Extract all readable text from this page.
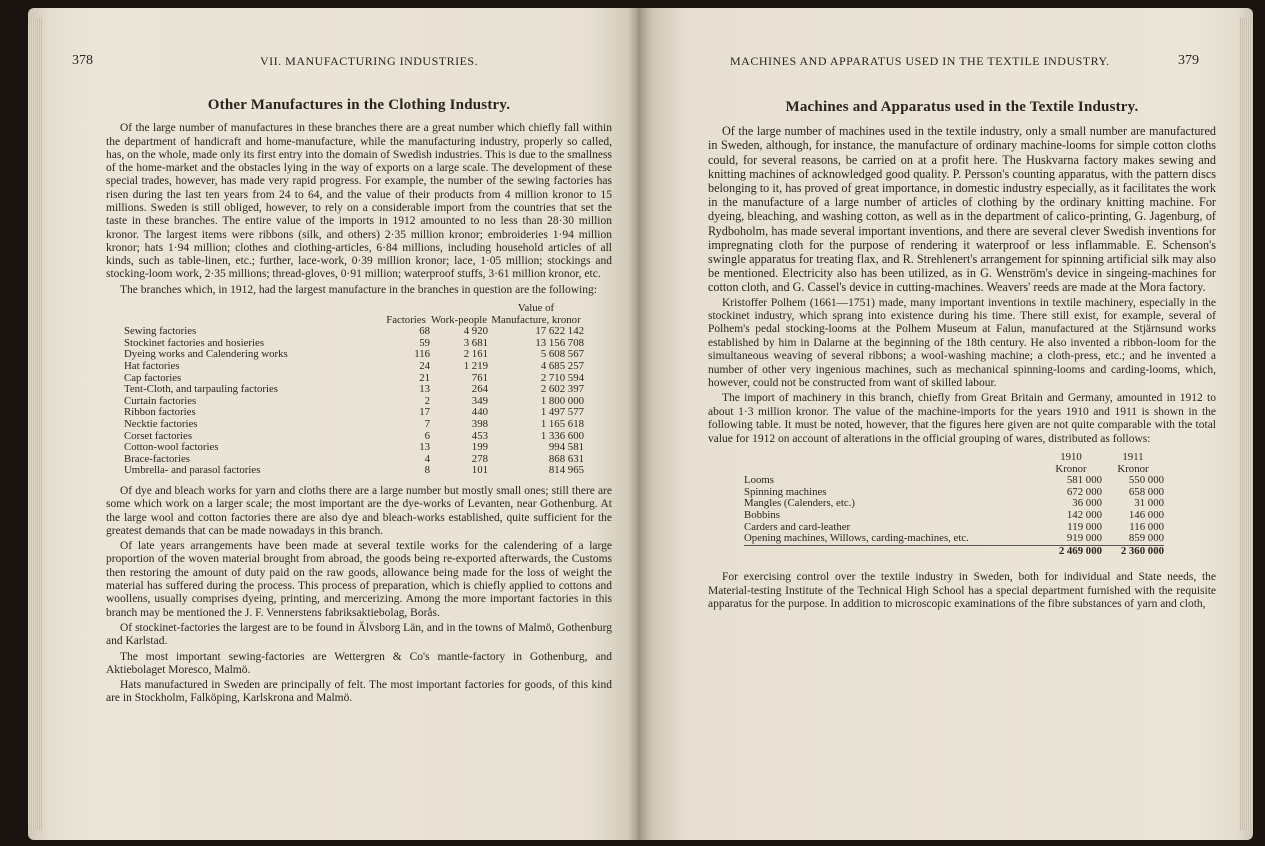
378	VII. MANUFACTURING INDUSTRIES.
Other Manufactures in the Clothing Industry.

Of the large number of manufactures in these branches there are a great number which chiefly fall within the department of handicraft and home-manufacture, while the manufacturing industry, properly so called, has, on the whole, made only its first entry into the domain of Swedish industries. This is due to the smallness of the home-market and the obstacles lying in the way of exports on a large scale. The development of these special trades, however, has made very rapid progress. For example, the number of the sewing factories has risen during the last ten years from 24 to 64, and the value of their products from 4 million kronor to 15 millions. Sweden is still obliged, however, to rely on a considerable import from the countries that set the taste in these branches. The entire value of the imports in 1912 amounted to no less than 28·30 million kronor. The largest items were ribbons (silk, and others) 2·35 million kronor; embroideries 1·94 million kronor; hats 1·94 million; clothes and clothing-articles, 6·84 millions, including household articles of all kinds, such as table-linen, etc.; further, lace-work, 0·39 million kronor; lace, 1·05 million; stockings and stocking-loom work, 2·35 millions; thread-gloves, 0·91 million; waterproof stuffs, 3·61 million kronor, etc.

The branches which, in 1912, had the largest manufacture in the branches in question are the following:

	Factories	Work-people	Value of Manufacture, kronor
Sewing factories	68	4 920	17 622 142
Stockinet factories and hosieries	59	3 681	13 156 708
Dyeing works and Calendering works	116	2 161	5 608 567
Hat factories	24	1 219	4 685 257
Cap factories	21	761	2 710 594
Tent-Cloth, and tarpauling factories	13	264	2 602 397
Curtain factories	2	349	1 800 000
Ribbon factories	17	440	1 497 577
Necktie factories	7	398	1 165 618
Corset factories	6	453	1 336 600
Cotton-wool factories	13	199	994 581
Brace-factories	4	278	868 631
Umbrella- and parasol factories	8	101	814 965

Of dye and bleach works for yarn and cloths there are a large number but mostly small ones; still there are some which work on a larger scale; the most important are the dye-works of Levanten, near Gothenburg. At the large wool and cotton factories there are also dye and bleach-works established, quite sufficient for the greatest demands that can be made nowadays in this branch.

Of late years arrangements have been made at several textile works for the calendering of a large proportion of the woven material brought from abroad, the goods being re-exported afterwards, the Customs then restoring the amount of duty paid on the raw goods, allowance being made for the loss of weight the material has suffered during the process. This process of preparation, which is chiefly applied to cottons and woollens, usually comprises dyeing, printing, and mercerizing. Among the more important factories in this branch may be mentioned the J. F. Vennerstens fabriksaktiebolag, Borås.

Of stockinet-factories the largest are to be found in Älvsborg Län, and in the towns of Malmö, Gothenburg and Karlstad.

The most important sewing-factories are Wettergren & Co's mantle-factory in Gothenburg, and Aktiebolaget Moresco, Malmö.

Hats manufactured in Sweden are principally of felt. The most important factories for goods, of this kind are in Stockholm, Falköping, Karlskrona and Malmö.

MACHINES AND APPARATUS USED IN THE TEXTILE INDUSTRY.	379
Machines and Apparatus used in the Textile Industry.

Of the large number of machines used in the textile industry, only a small number are manufactured in Sweden, although, for instance, the manufacture of ordinary machine-looms for simple cotton cloths could, for several reasons, be carried on at a profit here. The Huskvarna factory makes sewing and knitting machines of acknowledged good quality. P. Persson's counting apparatus, with the pattern discs belonging to it, has proved of great importance, in domestic industry especially, as it facilitates the work in the manufacture of a large number of articles of clothing by the ordinary knitting machine. For dyeing, bleaching, and washing cotton, as well as in the department of calico-printing, G. Jagenburg, of Rydboholm, has made several important inventions, and there are several clever Swedish inventions for impregnating cloth for the purpose of rendering it waterproof or less inflammable. E. Schenson's swingle apparatus for treating flax, and R. Strehlenert's arrangement for spinning artificial silk may also be mentioned. Electricity also has been utilized, as in G. Wenström's device in singeing-machines for cotton cloth, and G. Cassel's device in cutting-machines. Weavers' reeds are made at the Mora factory.

Kristoffer Polhem (1661—1751) made, many important inventions in textile machinery, especially in the stockinet industry, which sprang into existence during his time. There still exist, for example, several of Polhem's pedal stocking-looms at the Polhem Museum at Falun, manufactured at the Stjärnsund works established by him in Dalarne at the beginning of the 18th century. He also invented a ribbon-loom for the simultaneous weaving of several ribbons; a wool-washing machine; a cloth-press, etc.; and he invented a number of other very ingenious machines, such as mechanical spinning-looms and carding-looms, which, however, could not be constructed from want of skilled labour.

The import of machinery in this branch, chiefly from Great Britain and Germany, amounted in 1912 to about 1·3 million kronor. The value of the machine-imports for the years 1910 and 1911 is shown in the following table. It must be noted, however, that the figures here given are not quite comparable with the total value for 1912 on account of alterations in the official grouping of wares, distributed as follows:

	1910	1911
	Kronor	Kronor
Looms	581 000	550 000
Spinning machines	672 000	658 000
Mangles (Calenders, etc.)	36 000	31 000
Bobbins	142 000	146 000
Carders and card-leather	119 000	116 000
Opening machines, Willows, carding-machines, etc.	919 000	859 000
	2 469 000	2 360 000

For exercising control over the textile industry in Sweden, both for individual and State needs, the Material-testing Institute of the Technical High School has a special department furnished with the requisite apparatus for the purpose. In addition to microscopic examinations of the fibre substances of yarn and cloth,
